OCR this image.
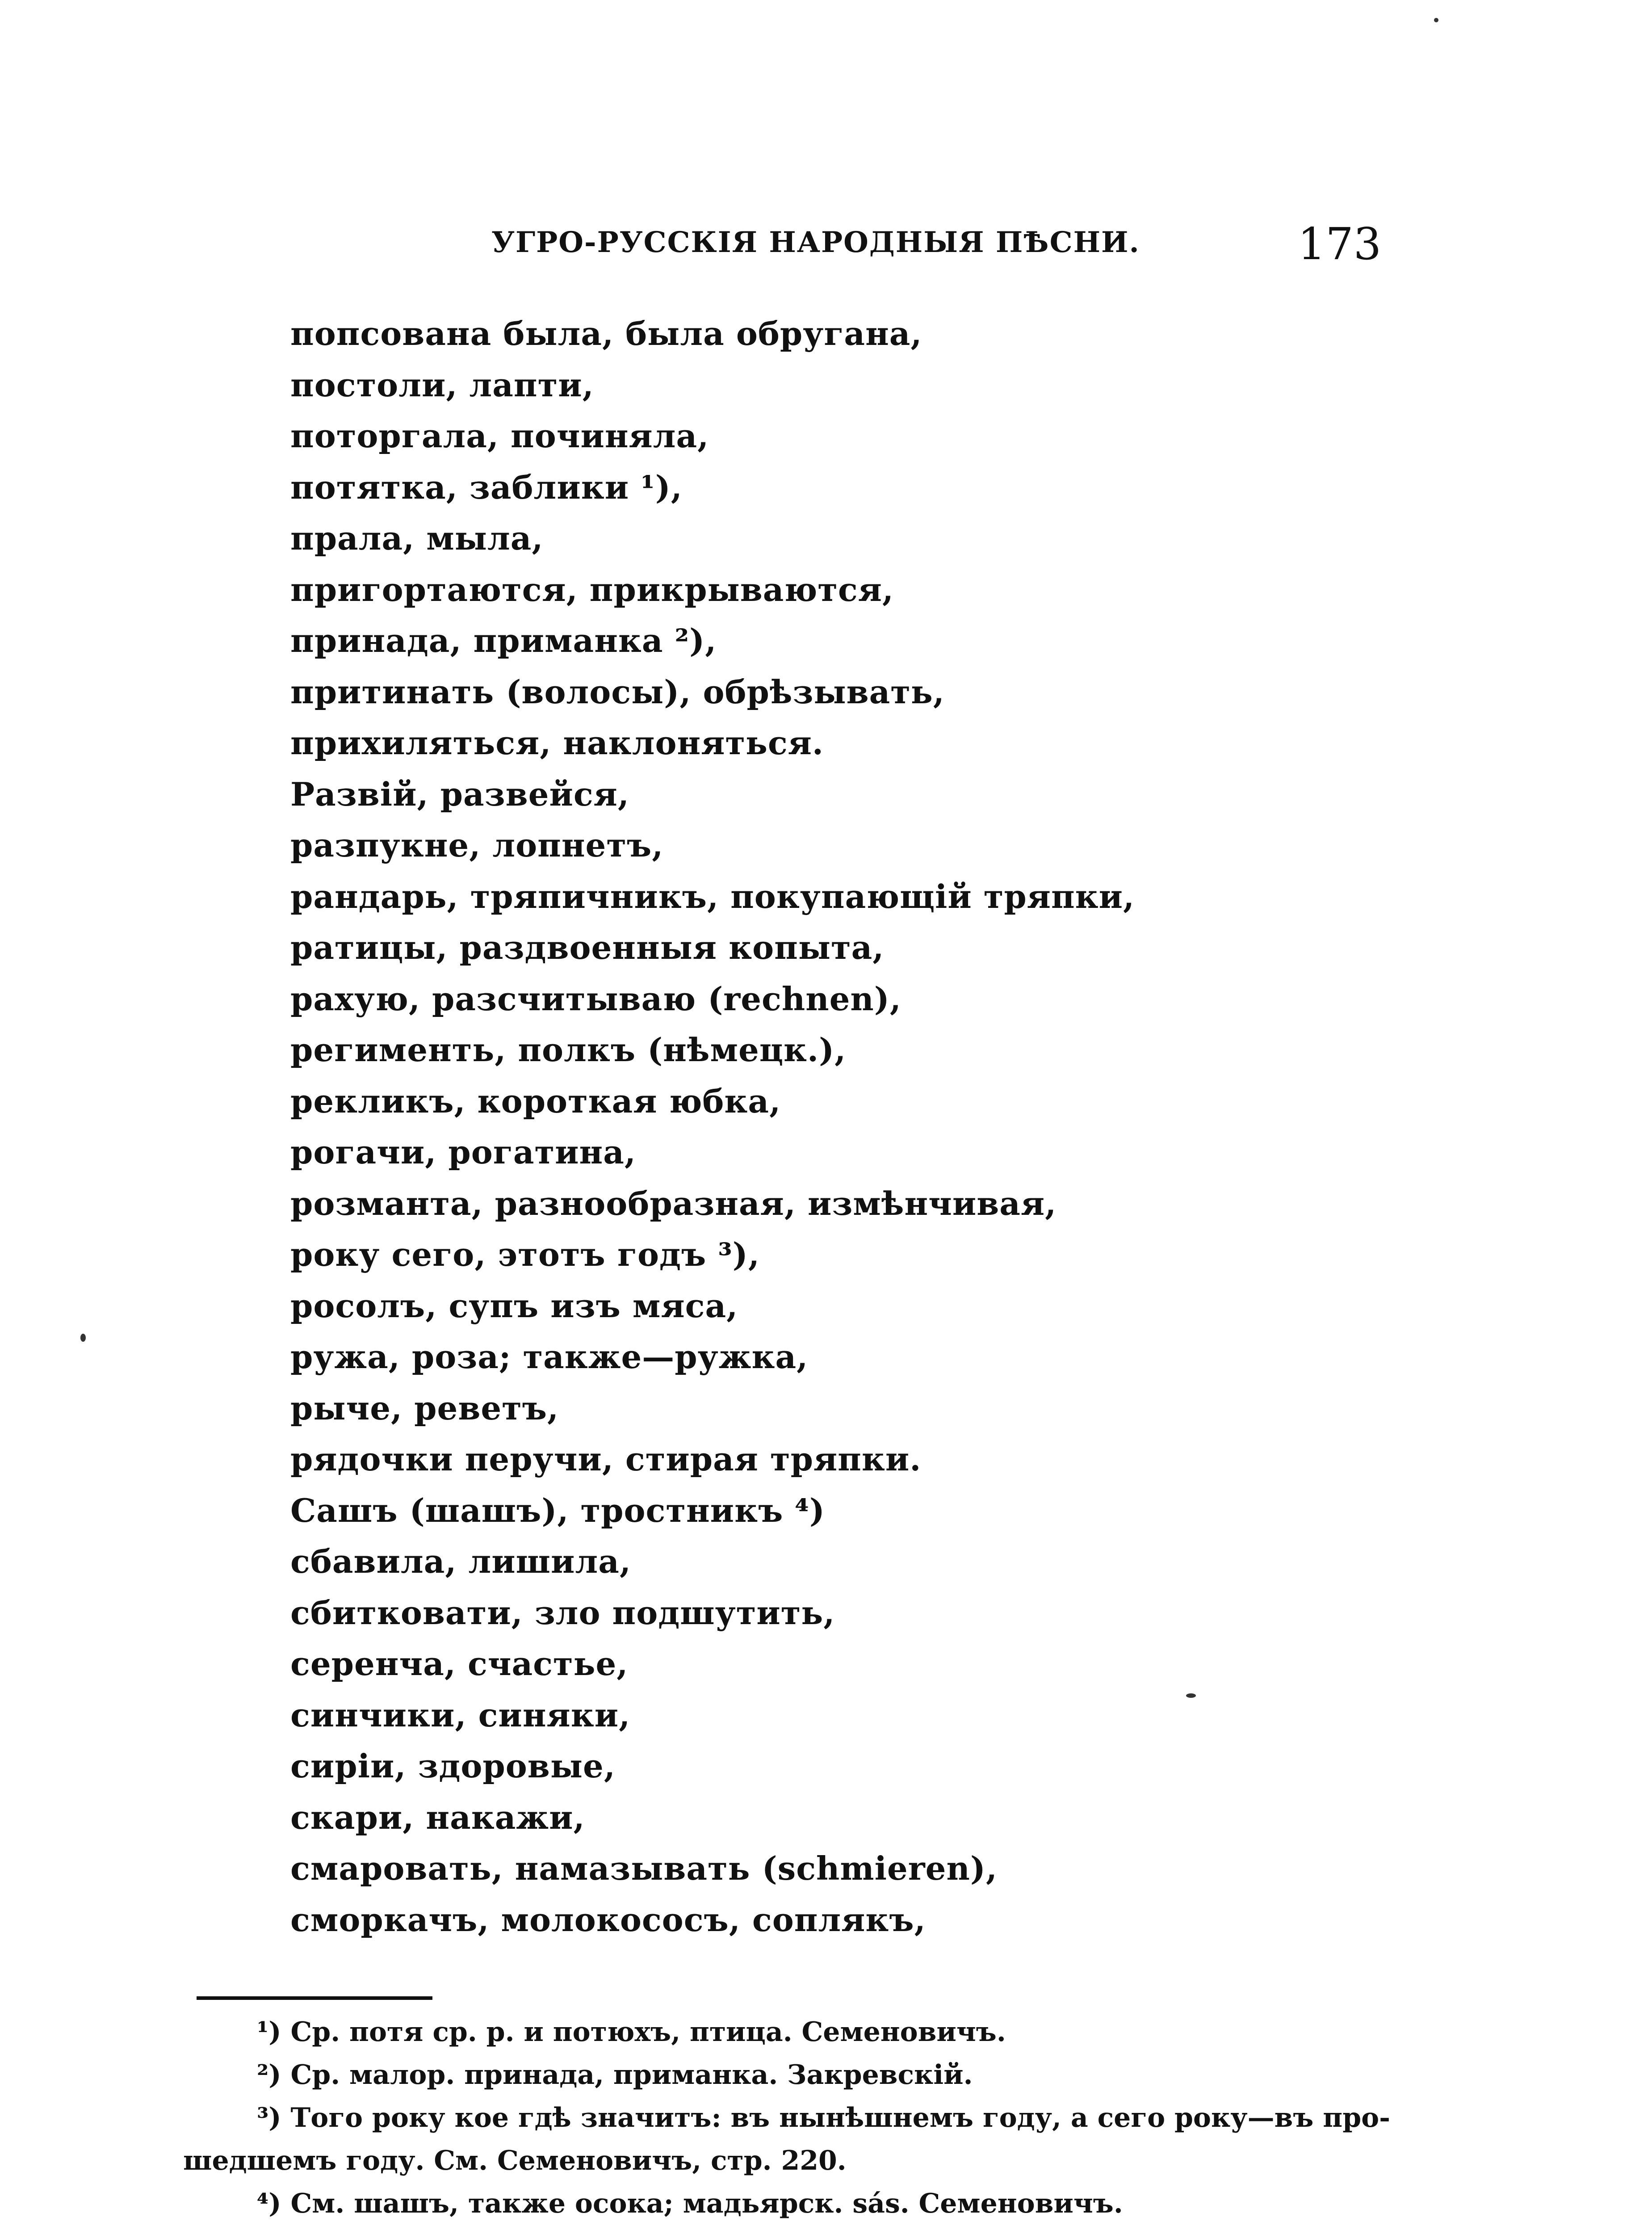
УГРО-РУССКІЯ НАРОДНЫЯ ПѢСНИ.	173
попсована была, была обругана,
постоли, лапти,
поторгала, починяла,
потятка, заблики ¹),
прала, мыла,
пригортаются, прикрываются,
принада, приманка ²),
притинать (волосы), обрѣзывать,
прихиляться, наклоняться.
Развій, развейся,
разпукне, лопнетъ,
рандарь, тряпичникъ, покупающій тряпки,
ратицы, раздвоенныя копыта,
рахую, разсчитываю (rechnen),
регименть, полкъ (нѣмецк.),
рекликъ, короткая юбка,
рогачи, рогатина,
розманта, разнообразная, измѣнчивая,
року сего, этотъ годъ ³),
росолъ, супъ изъ мяса,
ружа, роза; также—ружка,
рыче, реветъ,
рядочки перучи, стирая тряпки.
Сашъ (шашъ), тростникъ ⁴)
сбавила, лишила,
сбитковати, зло подшутить,
серенча, счастье,
синчики, синяки,
сиріи, здоровые,
скари, накажи,
смаровать, намазывать (schmieren),
сморкачъ, молокососъ, соплякъ,
¹) Ср. потя ср. р. и потюхъ, птица. Семеновичъ.
²) Ср. малор. принада, приманка. Закревскій.
³) Того року кое гдѣ значитъ: въ нынѣшнемъ году, а сего року—въ про-
шедшемъ году. См. Семеновичъ, стр. 220.
⁴) См. шашъ, также осока; мадьярск. sás. Семеновичъ.
